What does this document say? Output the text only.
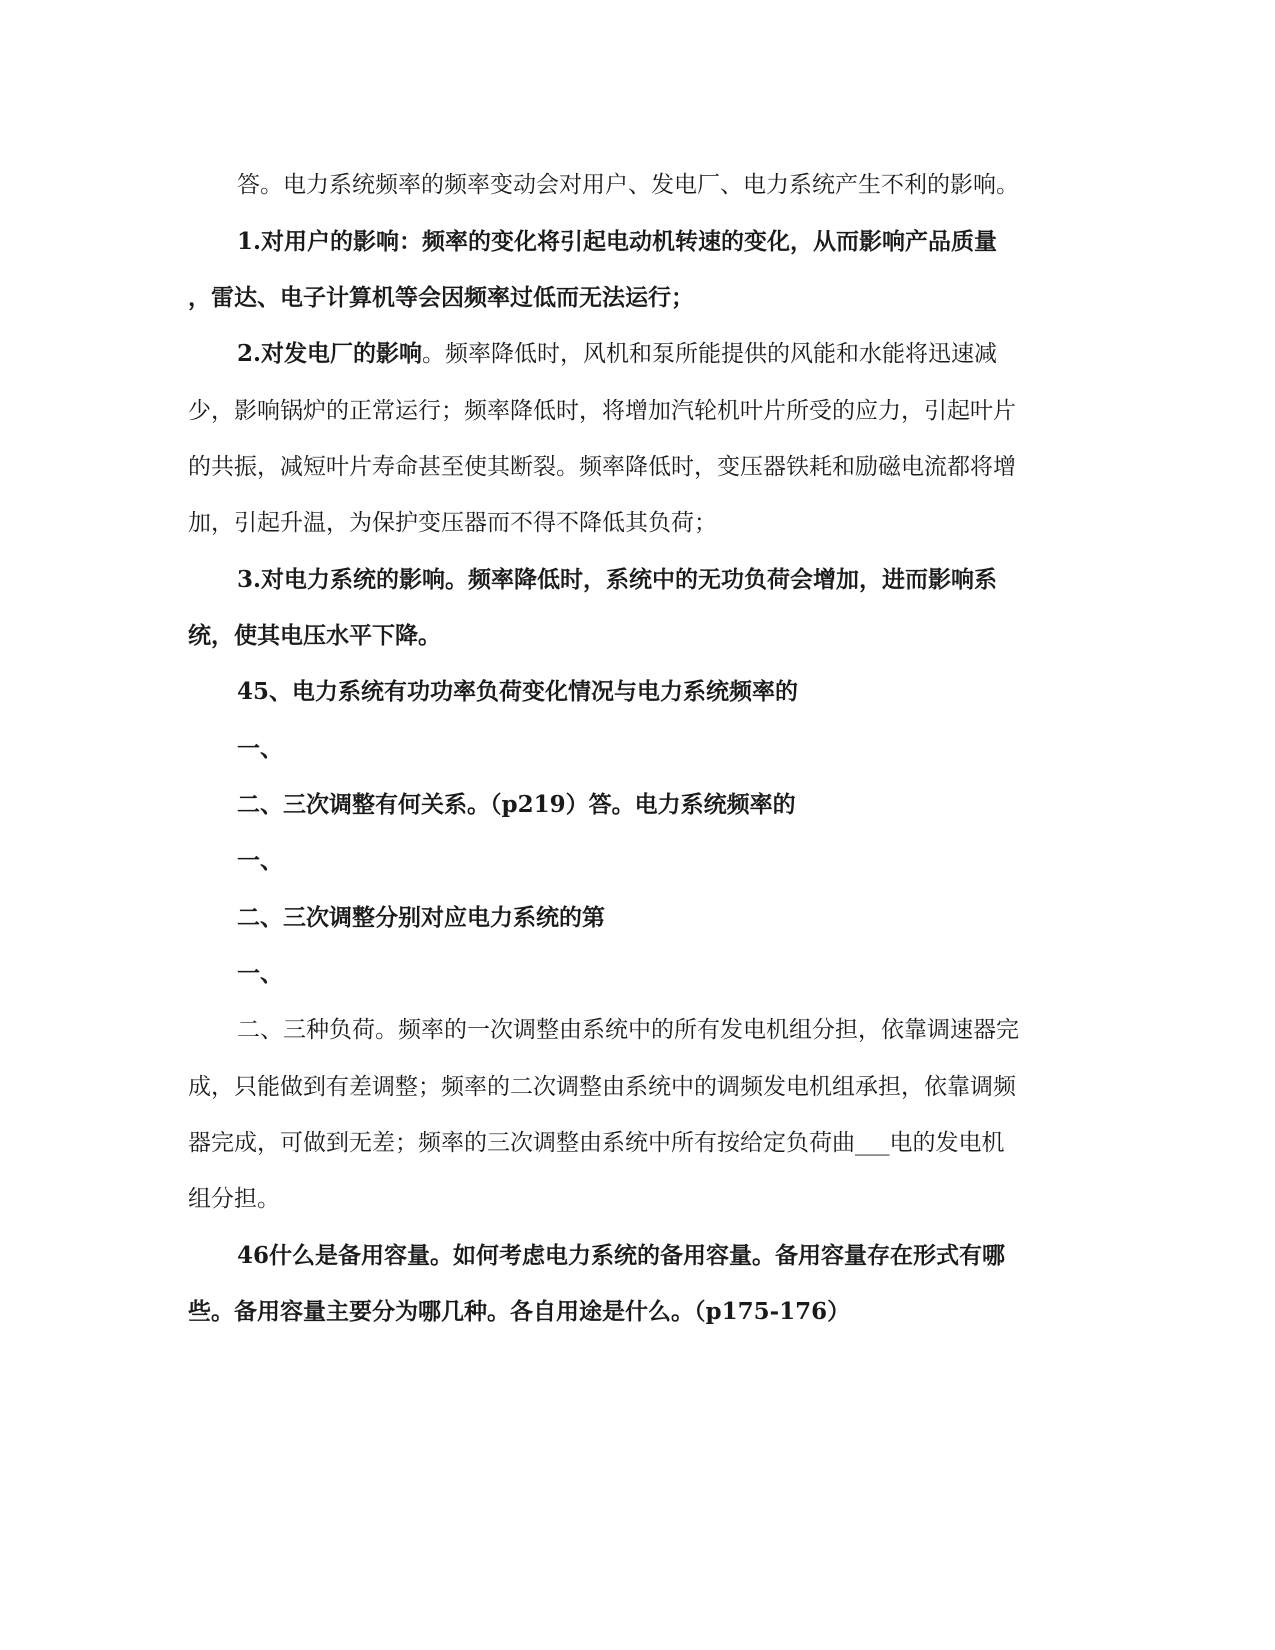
答。电力系统频率的频率变动会对用户、发电厂、电力系统产生不利的影响。

1.对用户的影响：频率的变化将引起电动机转速的变化，从而影响产品质量

，雷达、电子计算机等会因频率过低而无法运行；

2.对发电厂的影响。频率降低时，风机和泵所能提供的风能和水能将迅速减

少，影响锅炉的正常运行；频率降低时，将增加汽轮机叶片所受的应力，引起叶片

的共振，减短叶片寿命甚至使其断裂。频率降低时，变压器铁耗和励磁电流都将增

加，引起升温，为保护变压器而不得不降低其负荷；

3.对电力系统的影响。频率降低时，系统中的无功负荷会增加，进而影响系

统，使其电压水平下降。

45、电力系统有功功率负荷变化情况与电力系统频率的

一、

二、三次调整有何关系。（p219）答。电力系统频率的

一、

二、三次调整分别对应电力系统的第

一、

二、三种负荷。频率的一次调整由系统中的所有发电机组分担，依靠调速器完

成，只能做到有差调整；频率的二次调整由系统中的调频发电机组承担，依靠调频

器完成，可做到无差；频率的三次调整由系统中所有按给定负荷曲___电的发电机

组分担。

46什么是备用容量。如何考虑电力系统的备用容量。备用容量存在形式有哪

些。备用容量主要分为哪几种。各自用途是什么。（p175-176）
